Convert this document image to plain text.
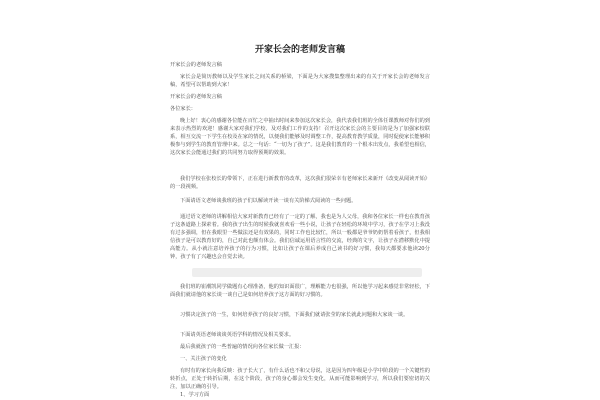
开家长会的老师发言稿
开家长会的老师发言稿
家长会是简历教师以及学生家长之间关系的桥梁，下面是为大家搜集整理出来的有关于开家长会的老师发言稿，希望可以帮助到大家！
开家长会的老师发言稿
各位家长：
晚上好！衷心的感谢各位能在百忙之中抽出时间来参加这次家长会，我代表我们班的全体任课教师对你们的到来表示热烈的欢迎！感谢大家对我们学校、及对我们工作的支持！召开这次家长会的主要目的是为了加强家校联系，相互交流一下学生在校及在家的情况，以便我们能够及时调整工作，提高教育教学质量，同时促使家长能够积极参与到学生的教育管理中来。总之一句话：“一切为了孩子”。这是我们教育的一个根本出发点，我希望也相信，这次家长会能通过我们的共同努力取得预期的效果。
我们学校在张校长的带领下，正在进行新教育的改革，这次我们很荣幸有老师家长来新开《改变从阅读开始》的一段视频。
下面请语文老师谈我班的孩子们以解读开读一谈有关阶梯式阅读的一些问题。
通过语文老师的讲解相信大家对新教育已经有了一定的了解，我也是为人父母，我和各位家长一样也在教育孩子这条道路上探索着。我的孩子出生的时候我就喜欢看一些小说，让孩子在轻松的环境中学习，孩子在学习上我没有过多强调，但在我眼里一些做法还是有效果的，同时工作也比较忙，所以一般都是爷爷奶奶帮着看孩子，但我相信孩子是可以教育好的，自己对此也颇有体会。我们信诚运用语言性的交流，经典的文字，让孩子在潜移默化中提高能力。从小就注意培养孩子的行为习惯，比如让孩子在课后养成自己读书的好习惯，我每天都要求他读20分钟，孩子有了兴趣也会自觉去读。
我们班的崔潮凯同学做题有心理准备，他的知识面很广，理解能力也很强，所以他学习起来感觉非常轻松，下面我们就请他的家长谈一谈自己是如何培养孩子这方面的好习惯的。
习惯决定孩子的一生，如何培养孩子的良好习惯，下面我们就请张莹的家长就此问题和大家谈一谈。
下面请英语老师谈谈英语学科的情况及相关要求。
最后我就孩子的一些普遍的情况向各位家长做一汇报：
一、关注孩子的变化
有时有的家长向我反映：孩子长大了，有什么话也不和父母说，这是因为四年级是小学中阶段的一个关键性的转折点，正处于转折后期，在这个阶段，孩子的身心都会发生变化，从而可能影响到学习，所以我们要密切的关注，加以正确的引导。
1、学习方面
